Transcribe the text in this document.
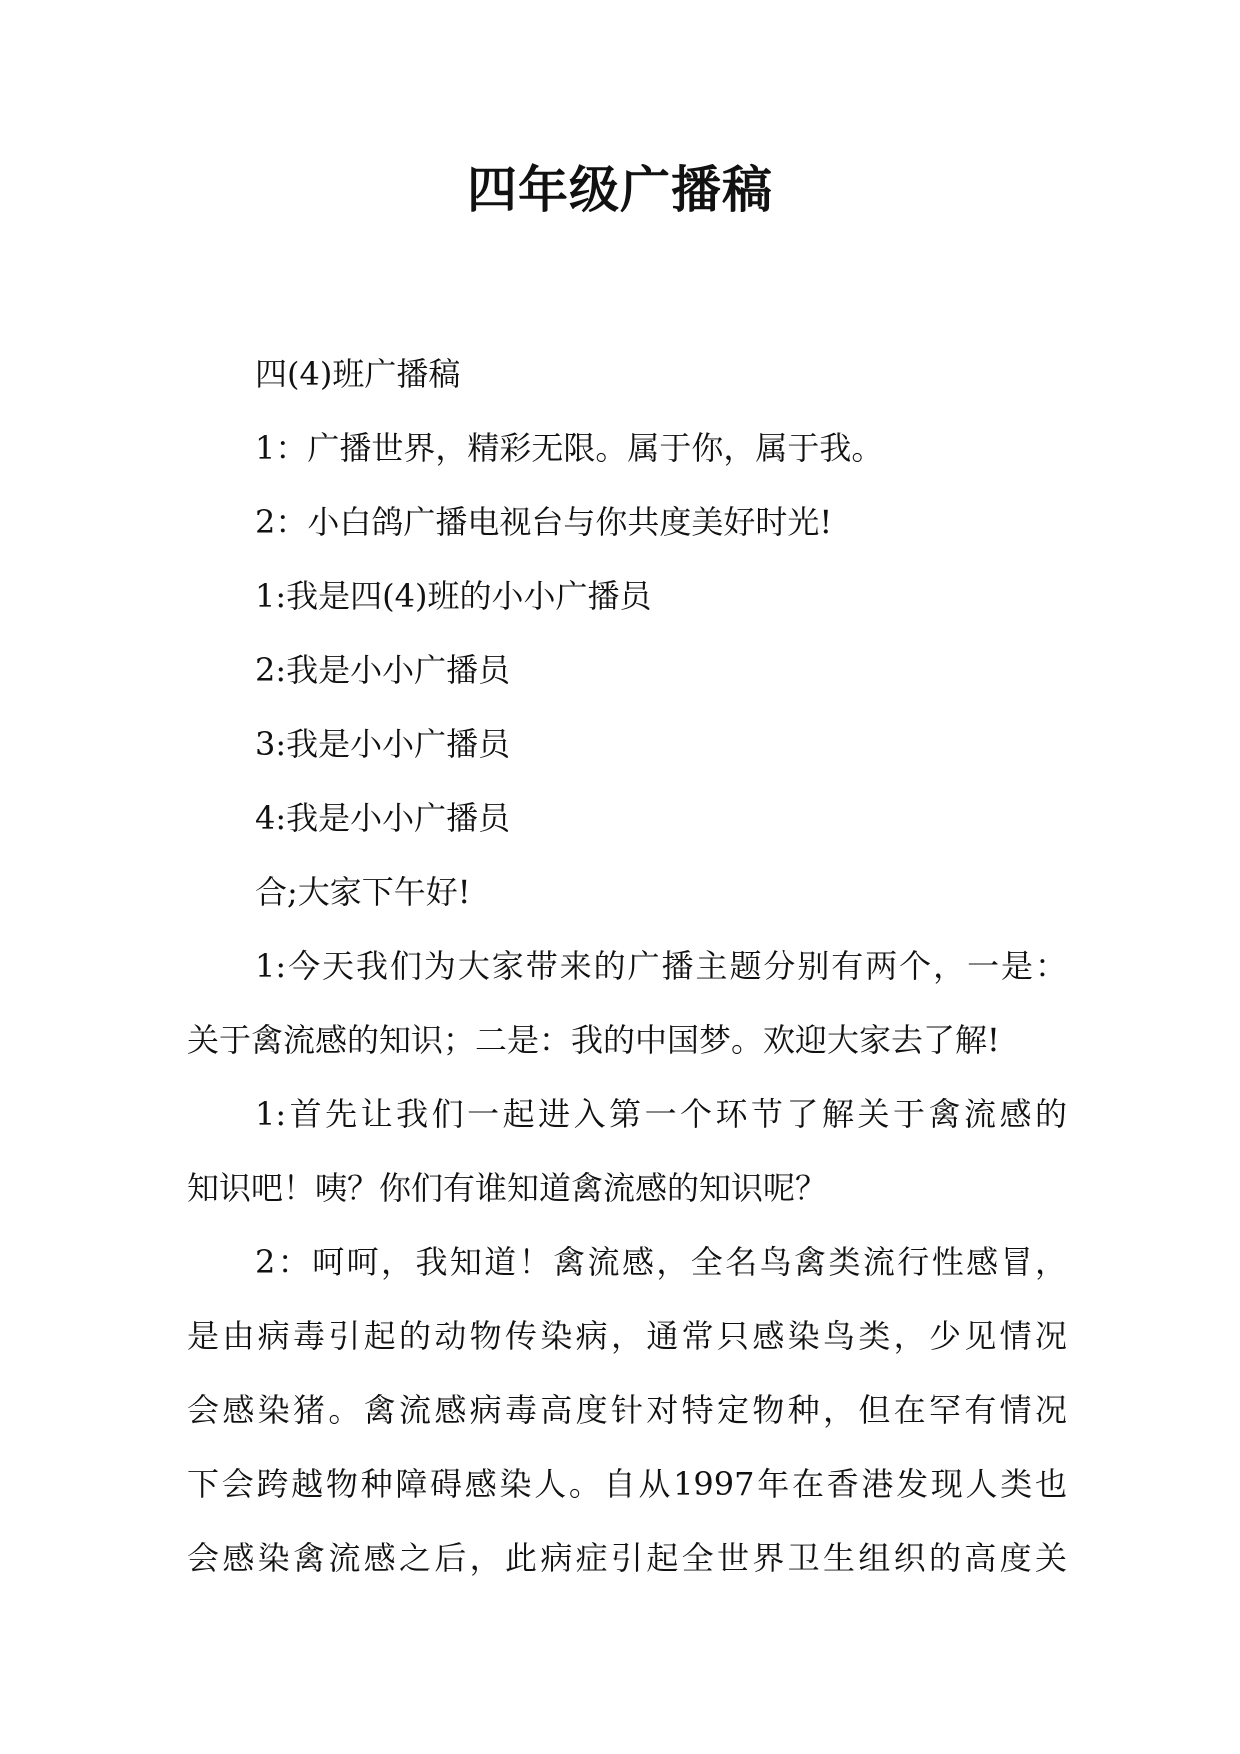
四年级广播稿
四(4)班广播稿
1：广播世界，精彩无限。属于你，属于我。
2：小白鸽广播电视台与你共度美好时光!
1:我是四(4)班的小小广播员
2:我是小小广播员
3:我是小小广播员
4:我是小小广播员
合;大家下午好!
1:今天我们为大家带来的广播主题分别有两个，一是：
关于禽流感的知识；二是：我的中国梦。欢迎大家去了解!
1:首先让我们一起进入第一个环节了解关于禽流感的
知识吧！咦？你们有谁知道禽流感的知识呢？
2：呵呵，我知道！禽流感，全名鸟禽类流行性感冒，
是由病毒引起的动物传染病，通常只感染鸟类，少见情况
会感染猪。禽流感病毒高度针对特定物种，但在罕有情况
下会跨越物种障碍感染人。自从1997年在香港发现人类也
会感染禽流感之后，此病症引起全世界卫生组织的高度关
